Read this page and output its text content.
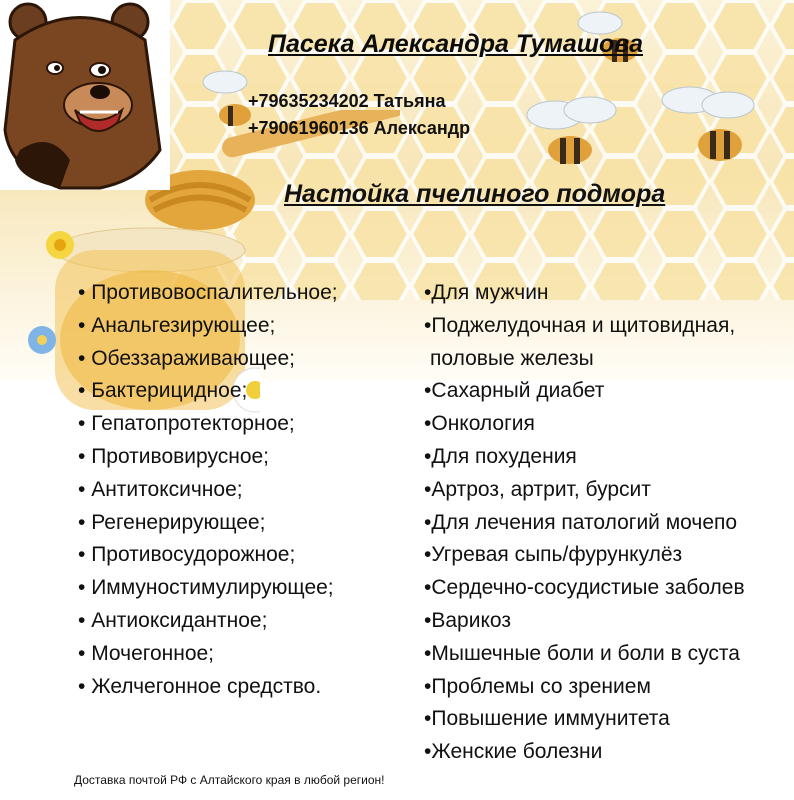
Пасека Александра Тумашова
+79635234202 Татьяна
+79061960136 Александр
Настойка пчелиного подмора
• Противовоспалительное;
• Анальгезирующее;
• Обеззараживающее;
• Бактерицидное;
• Гепатопротекторное;
• Противовирусное;
• Антитоксичное;
• Регенерирующее;
• Противосудорожное;
• Иммуностимулирующее;
• Антиоксидантное;
• Мочегонное;
• Желчегонное средство.
• Для мужчин
• Поджелудочная и щитовидная,
половые железы
• Сахарный диабет
• Онкология
• Для похудения
• Артроз, артрит, бурсит
• Для лечения патологий мочепо
• Угревая сыпь/фурункулёз
• Сердечно-сосудистиые заболев
• Варикоз
• Мышечные боли и боли в суста
• Проблемы со зрением
• Повышение иммунитета
• Женские болезни
Доставка почтой РФ с Алтайского края в любой регион!
